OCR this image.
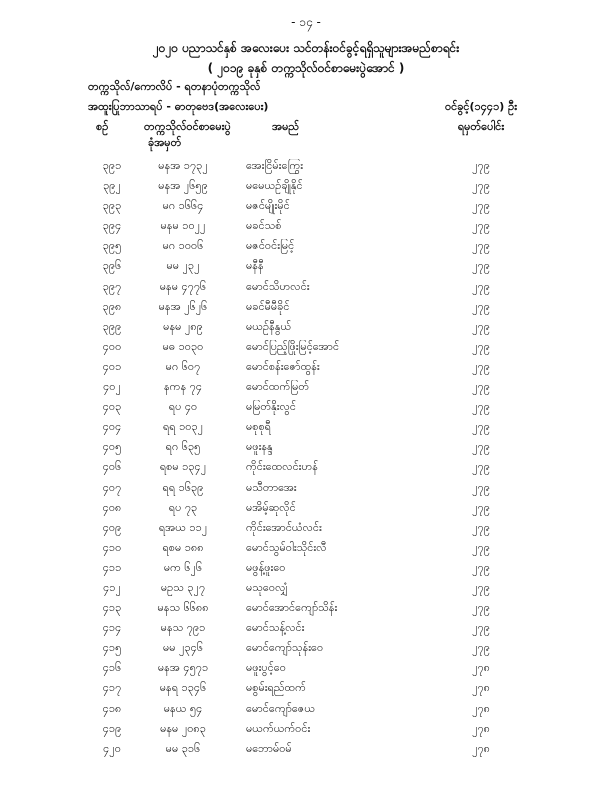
- ၁၄ -
၂၀၂၀ ပညာသင်နှစ် အလေးပေး သင်တန်းဝင်ခွင့်ရရှိသူများအမည်စာရင်း
( ၂၀၁၉ ခုနှစ် တက္ကသိုလ်ဝင်စာမေးပွဲအောင် )
တက္ကသိုလ်/ကောလိပ် - ရတနာပုံတက္ကသိုလ်
အထူးပြုဘာသာရပ် - ဓာတုဗေဒ(အလေးပေး)	ဝင်ခွင့်(၁၄၄၁) ဦး
စဉ်	တက္ကသိုလ်ဝင်စာမေးပွဲ
ခုံအမှတ်
အမည်	ရမှတ်ပေါင်း
၃၉၁	မနအ ၁၇၃၂	အေးငြိမ်းကြွေး	၂၇၉
၃၉၂	မနအ ၂၆၅၉	မမေယဉ်ချိုနိုင်	၂၇၉
၃၉၃	မဂ ၁၆၆၄	မဇင်မျိုးမိုင်	၂၇၉
၃၉၄	မနမ ၁၀၂၂	မခင်သစ်	၂၇၉
၃၉၅	မဂ ၁၀၀၆	မဇင်ဝင်းမြင့်	၂၇၉
၃၉၆	မမ ၂၃၂	မနီနီ	၂၇၉
၃၉၇	မနမ ၄၇၇၆	မောင်သိဟလင်း	၂၇၉
၃၉၈	မနအ ၂၆၂၆	မခင်မီမီခိုင်	၂၇၉
၃၉၉	မနမ ၂၈၉	မယဉ်နီနွယ်	၂၇၉
၄၀၀	မဓ ၁၀၃၀	မောင်ပြည့်ဖြိုးမြင့်အောင်	၂၇၉
၄၀၁	မဂ ၆၀၇	မောင်စန်းဇော်ထွန်း	၂၇၉
၄၀၂	နကန ၇၄	မောင်ထက်မြတ်	၂၇၉
၄၀၃	ရပ ၄၀	မမြတ်နိုးလွင်	၂၇၉
၄၀၄	ရရ ၁၀၃၂	မစုစုရီ	၂၇၉
၄၀၅	ရဂ ၆၃၅	မဖူးနန္ဒ	၂၇၉
၄၀၆	ရစမ ၁၃၄၂	ကိုင်းထေလင်းဟန်	၂၇၉
၄၀၇	ရရ ၁၆၃၉	မသီတာအေး	၂၇၉
၄၀၈	ရပ ၇၃	မအိမ့်ဆုလိုင်	၂၇၉
၄၀၉	ရအယ ၁၁၂	ကိုင်းအောင်ယံလင်း	၂၇၉
၄၁၀	ရစမ ၁၈၈	မောင်သွမ်ဝါးသိုင်းလီ	၂၇၉
၄၁၁	မက ၆၂၆	မဖွန့်ဖူးဝေ	၂၇၉
၄၁၂	မဥသ ၃၂၇	မသုဝေလျှံ	၂၇၉
၄၁၃	မနသ ၆၆၈၈	မောင်အောင်ကျော်သိန်း	၂၇၉
၄၁၄	မနသ ၇၉၁	မောင်သန့်လင်း	၂၇၉
၄၁၅	မမ ၂၃၄၆	မောင်ကျော်သုန်းဝေ	၂၇၉
၄၁၆	မနအ ၄၅၇၁	မဖူးပွင့်ဝေ	၂၇၈
၄၁၇	မနရ ၁၃၄၆	မစွမ်းရည်ထက်	၂၇၈
၄၁၈	မနယ ၅၄	မောင်ကျော်ဇေယ	၂၇၈
၄၁၉	မနမ ၂၀၈၃	မယက်ယက်ဝင်း	၂၇၈
၄၂၀	မမ ၃၁၆	မဘောမ်ဝမ်	၂၇၈
